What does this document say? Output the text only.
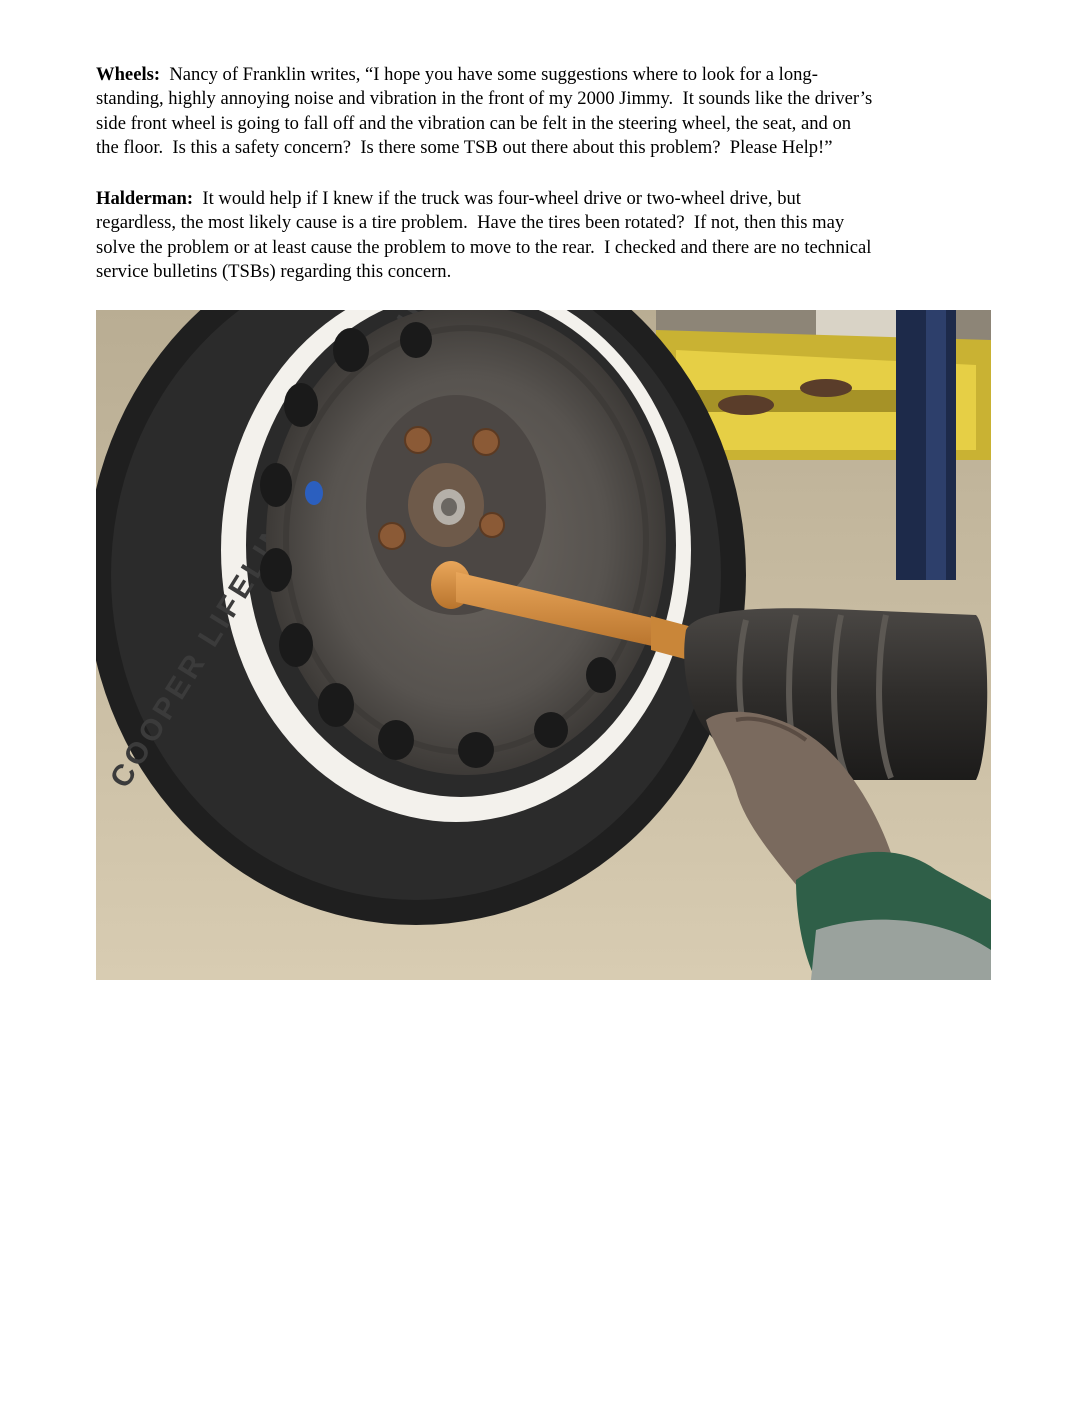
Wheels:  Nancy of Franklin writes, “I hope you have some suggestions where to look for a long-
standing, highly annoying noise and vibration in the front of my 2000 Jimmy.  It sounds like the driver’s
side front wheel is going to fall off and the vibration can be felt in the steering wheel, the seat, and on
the floor.  Is this a safety concern?  Is there some TSB out there about this problem?  Please Help!”
Halderman:  It would help if I knew if the truck was four-wheel drive or two-wheel drive, but
regardless, the most likely cause is a tire problem.  Have the tires been rotated?  If not, then this may
solve the problem or at least cause the problem to move to the rear.  I checked and there are no technical
service bulletins (TSBs) regarding this concern.
COOPER LIFELINER
